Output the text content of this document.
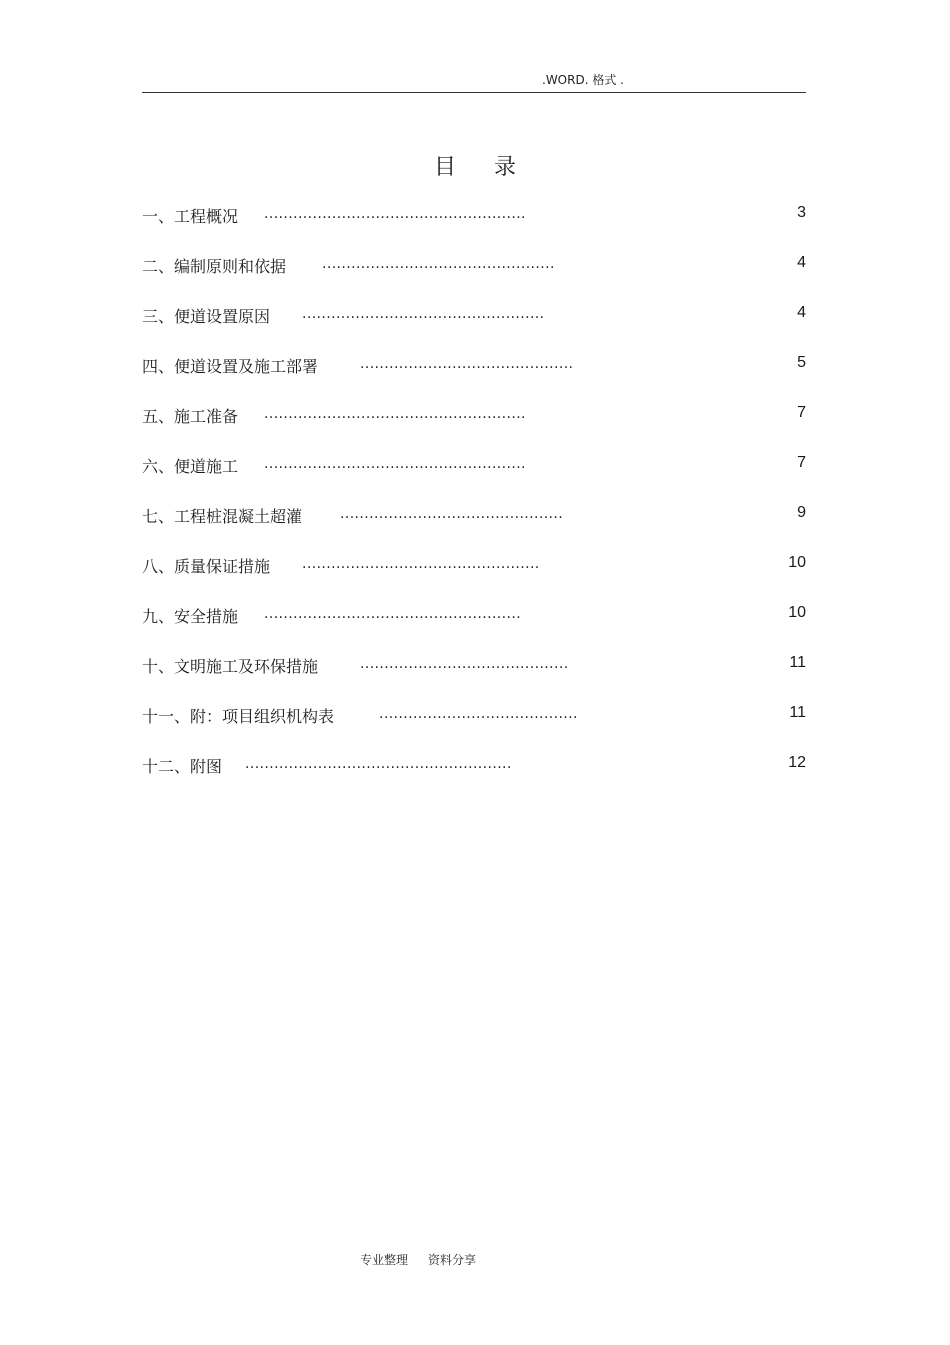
.WORD. 格式 .
目 录
一、工程概况 ......................................................	3
二、编制原则和依据	................................................	4
三、便道设置原因 ..................................................	4
四、便道设置及施工部署	............................................	5
五、施工准备 ......................................................	7
六、便道施工 ......................................................	7
七、工程桩混凝土超灌	..............................................	9
八、质量保证措施 .................................................	10
九、安全措施 .....................................................	10
十、文明施工及环保措施	...........................................	11
十一、附：项目组织机构表	.........................................	11
十二、附图 .......................................................	12
专业整理 资料分享
